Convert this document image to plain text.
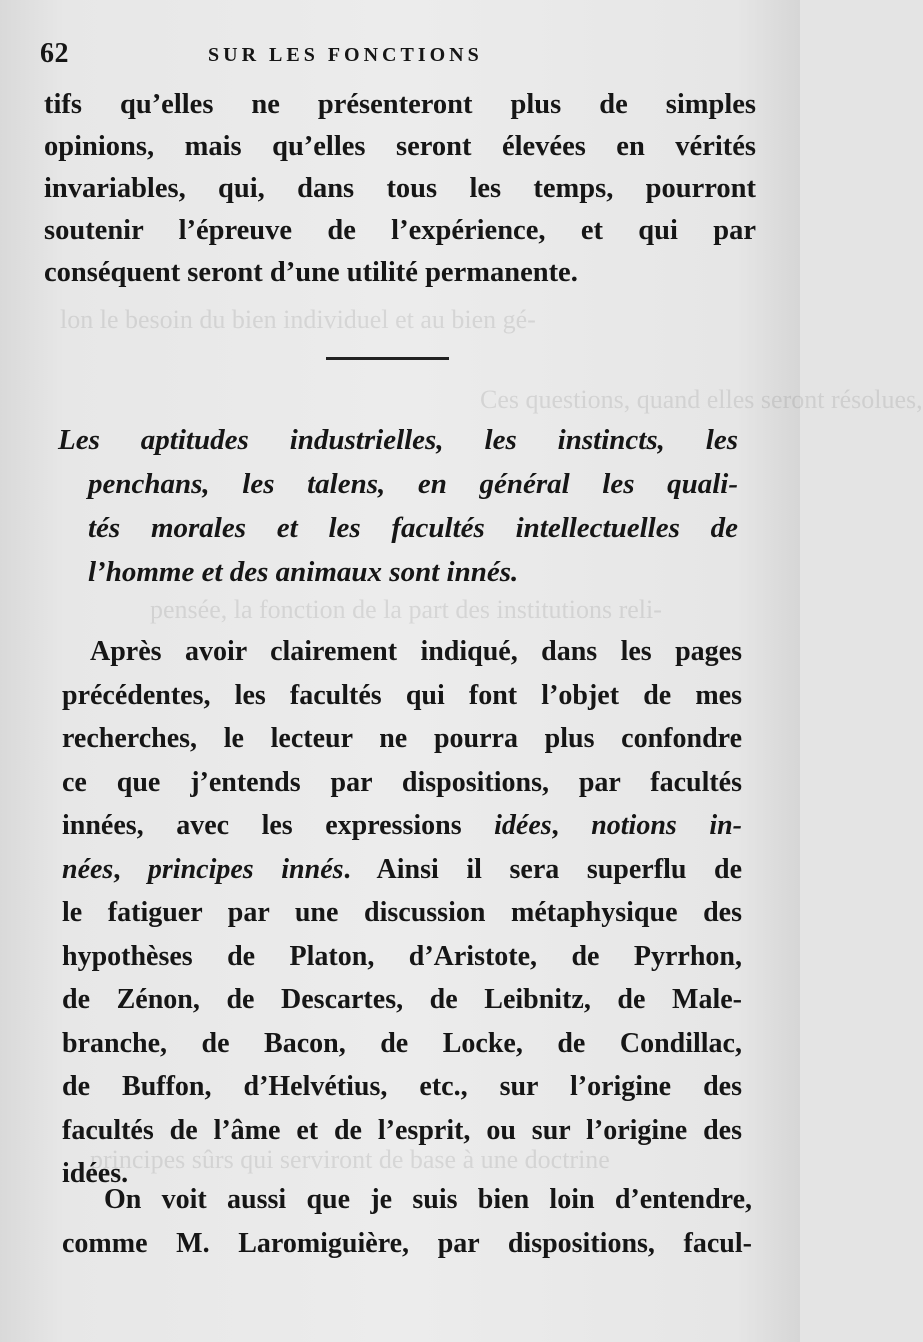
lon le besoin du bien individuel et au bien gé-
Ces questions, quand elles seront résolues,
pensée, la fonction de la part des institutions reli-
principes sûrs qui serviront de base à une doctrine
62	SUR LES FONCTIONS
tifs qu’elles ne présenteront plus de simples
opinions, mais qu’elles seront élevées en vérités
invariables, qui, dans tous les temps, pourront
soutenir l’épreuve de l’expérience, et qui par
conséquent seront d’une utilité permanente.
Les aptitudes industrielles, les instincts, les
penchans, les talens, en général les quali-
tés morales et les facultés intellectuelles de
l’homme et des animaux sont innés.
Après avoir clairement indiqué, dans les pages
précédentes, les facultés qui font l’objet de mes
recherches, le lecteur ne pourra plus confondre
ce que j’entends par dispositions, par facultés
innées, avec les expressions idées, notions in-
nées, principes innés. Ainsi il sera superflu de
le fatiguer par une discussion métaphysique des
hypothèses de Platon, d’Aristote, de Pyrrhon,
de Zénon, de Descartes, de Leibnitz, de Male-
branche, de Bacon, de Locke, de Condillac,
de Buffon, d’Helvétius, etc., sur l’origine des
facultés de l’âme et de l’esprit, ou sur l’origine des
idées.
On voit aussi que je suis bien loin d’entendre,
comme M. Laromiguière, par dispositions, facul-
